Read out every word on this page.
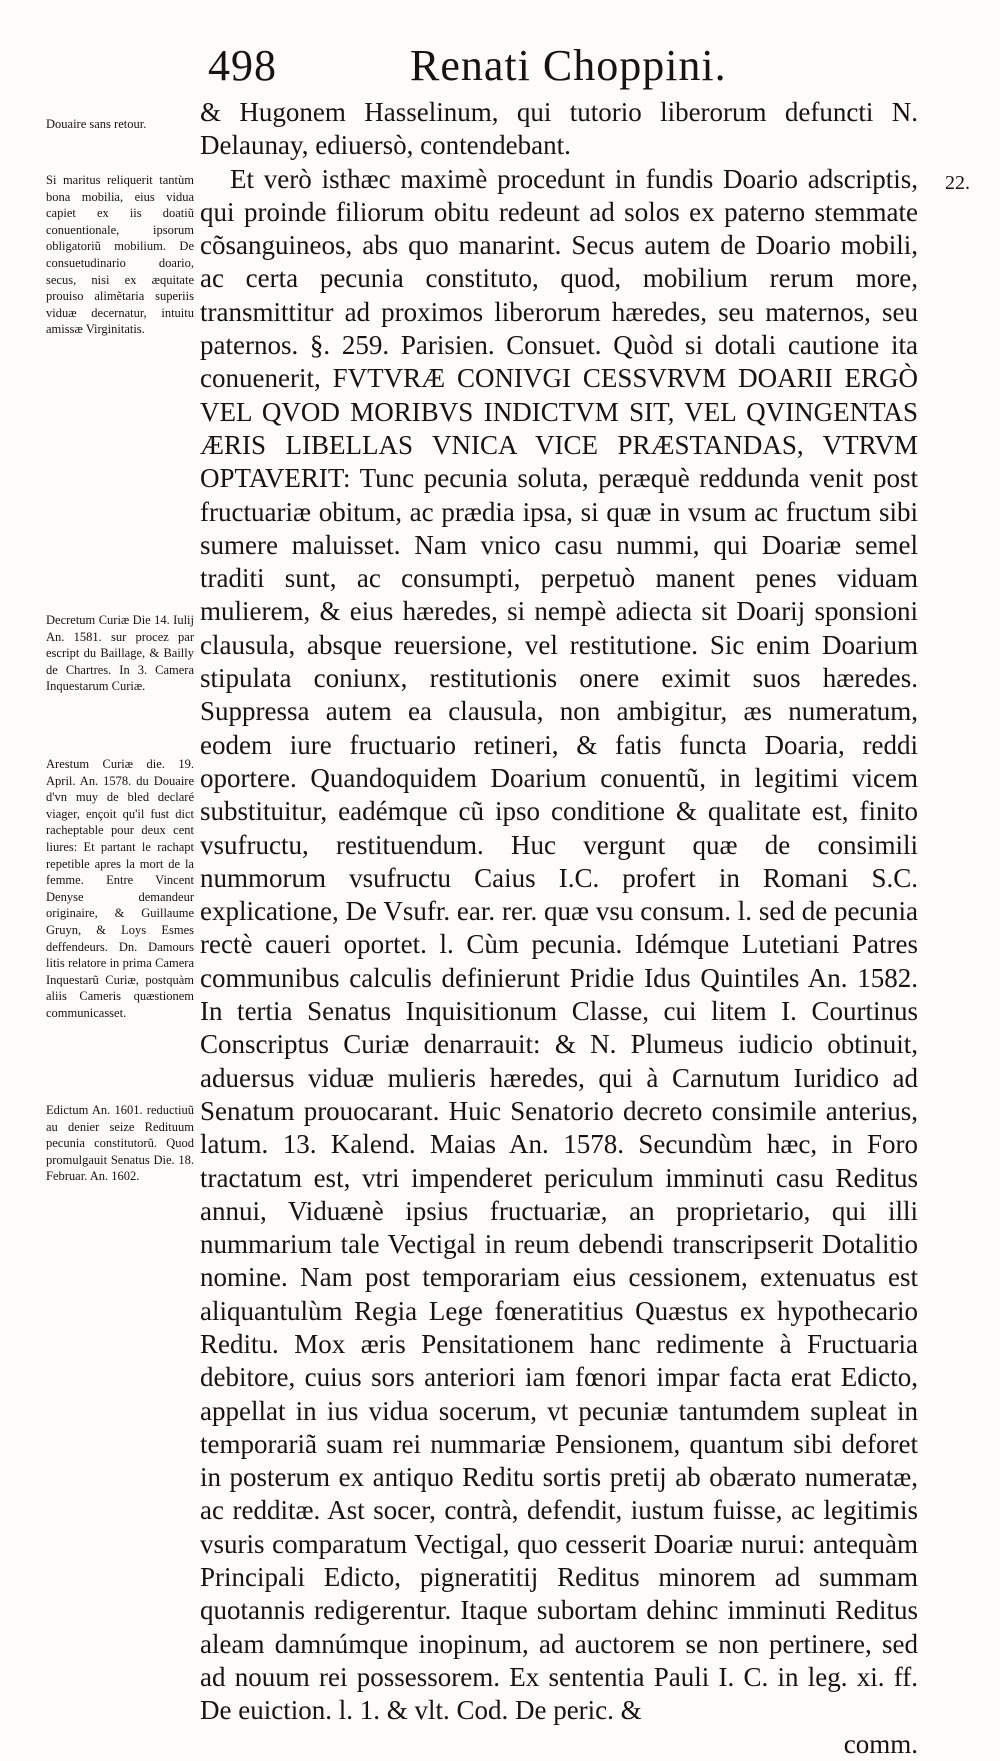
498	Renati Choppini.
22.
Douaire sans retour.
Si maritus reliquerit tantùm bona mobilia, eius vidua capiet ex iis doatiũ conuentionale, ipsorum obligatoriũ mobilium. De consuetudinario doario, secus, nisi ex æquitate prouiso alimẽtaria superiis viduæ decernatur, intuitu amissæ Virginitatis.
Decretum Curiæ Die 14. Iulij An. 1581. sur procez par escript du Baillage, & Bailly de Chartres. In 3. Camera Inquestarum Curiæ.
Arestum Curiæ die. 19. April. An. 1578. du Douaire d'vn muy de bled declaré viager, ençoit qu'il fust dict racheptable pour deux cent liures: Et partant le rachapt repetible apres la mort de la femme. Entre Vincent Denyse demandeur originaire, & Guillaume Gruyn, & Loys Esmes deffendeurs. Dn. Damours litis relatore in prima Camera Inquestarũ Curiæ, postquàm aliis Cameris quæstionem communicasset.
Edictum An. 1601. reductiuũ au denier seize Redituum pecunia constitutorũ. Quod promulgauit Senatus Die. 18. Februar. An. 1602.

& Hugonem Hasselinum, qui tutorio liberorum defuncti N. Delaunay, ediuersò, contendebant.

Et verò isthæc maximè procedunt in fundis Doario adscriptis, qui proinde filiorum obitu redeunt ad solos ex paterno stemmate cõsanguineos, abs quo manarint. Secus autem de Doario mobili, ac certa pecunia constituto, quod, mobilium rerum more, transmittitur ad proximos liberorum hæredes, seu maternos, seu paternos. §. 259. Parisien. Consuet. Quòd si dotali cautione ita conuenerit, FVTVRÆ CONIVGI CESSVRVM DOARII ERGÒ VEL QVOD MORIBVS INDICTVM SIT, VEL QVINGENTAS ÆRIS LIBELLAS VNICA VICE PRÆSTANDAS, VTRVM OPTAVERIT: Tunc pecunia soluta, peræquè reddunda venit post fructuariæ obitum, ac prædia ipsa, si quæ in vsum ac fructum sibi sumere maluisset. Nam vnico casu nummi, qui Doariæ semel traditi sunt, ac consumpti, perpetuò manent penes viduam mulierem, & eius hæredes, si nempè adiecta sit Doarij sponsioni clausula, absque reuersione, vel restitutione. Sic enim Doarium stipulata coniunx, restitutionis onere eximit suos hæredes. Suppressa autem ea clausula, non ambigitur, æs numeratum, eodem iure fructuario retineri, & fatis functa Doaria, reddi oportere. Quandoquidem Doarium conuentũ, in legitimi vicem substituitur, eadémque cũ ipso conditione & qualitate est, finito vsufructu, restituendum. Huc vergunt quæ de consimili nummorum vsufructu Caius I.C. profert in Romani S.C. explicatione, De Vsufr. ear. rer. quæ vsu consum. l. sed de pecunia rectè caueri oportet. l. Cùm pecunia. Idémque Lutetiani Patres communibus calculis definierunt Pridie Idus Quintiles An. 1582. In tertia Senatus Inquisitionum Classe, cui litem I. Courtinus Conscriptus Curiæ denarrauit: & N. Plumeus iudicio obtinuit, aduersus viduæ mulieris hæredes, qui à Carnutum Iuridico ad Senatum prouocarant. Huic Senatorio decreto consimile anterius, latum. 13. Kalend. Maias An. 1578. Secundùm hæc, in Foro tractatum est, vtri impenderet periculum imminuti casu Reditus annui, Viduænè ipsius fructuariæ, an proprietario, qui illi nummarium tale Vectigal in reum debendi transcripserit Dotalitio nomine. Nam post temporariam eius cessionem, extenuatus est aliquantulùm Regia Lege fœneratitius Quæstus ex hypothecario Reditu. Mox æris Pensitationem hanc redimente à Fructuaria debitore, cuius sors anteriori iam fœnori impar facta erat Edicto, appellat in ius vidua socerum, vt pecuniæ tantumdem supleat in temporariã suam rei nummariæ Pensionem, quantum sibi deforet in posterum ex antiquo Reditu sortis pretij ab obærato numeratæ, ac redditæ. Ast socer, contrà, defendit, iustum fuisse, ac legitimis vsuris comparatum Vectigal, quo cesserit Doariæ nurui: antequàm Principali Edicto, pigneratitij Reditus minorem ad summam quotannis redigerentur. Itaque subortam dehinc imminuti Reditus aleam damnúmque inopinum, ad auctorem se non pertinere, sed ad nouum rei possessorem. Ex sententia Pauli I. C. in leg. xi. ff. De euiction. l. 1. & vlt. Cod. De peric. &

comm.
